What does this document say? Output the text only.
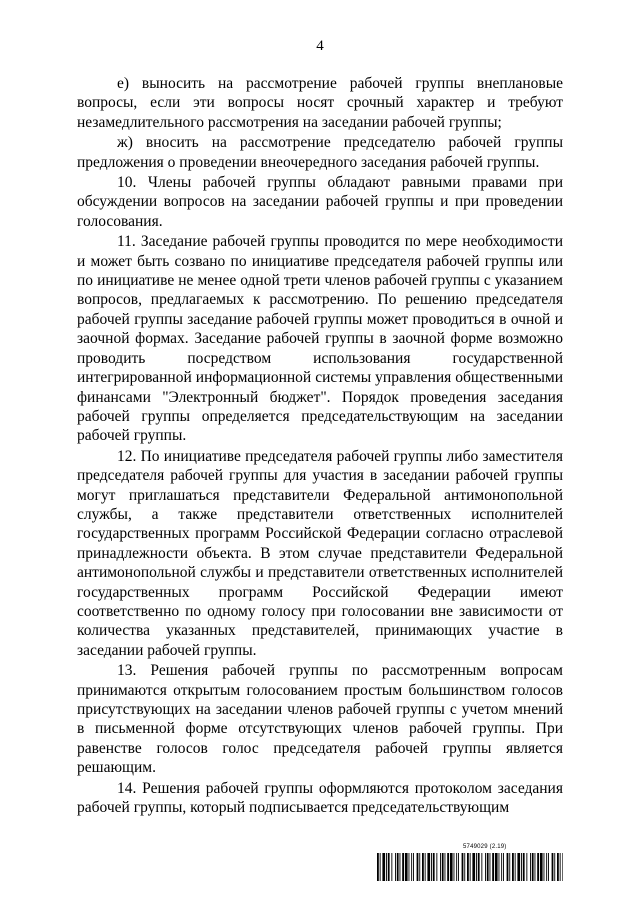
4

е) выносить на рассмотрение рабочей группы внеплановые вопросы, если эти вопросы носят срочный характер и требуют незамедлительного рассмотрения на заседании рабочей группы;

ж) вносить на рассмотрение председателю рабочей группы предложения о проведении внеочередного заседания рабочей группы.

10. Члены рабочей группы обладают равными правами при обсуждении вопросов на заседании рабочей группы и при проведении голосования.

11. Заседание рабочей группы проводится по мере необходимости и может быть созвано по инициативе председателя рабочей группы или по инициативе не менее одной трети членов рабочей группы с указанием вопросов, предлагаемых к рассмотрению. По решению председателя рабочей группы заседание рабочей группы может проводиться в очной и заочной формах. Заседание рабочей группы в заочной форме возможно проводить посредством использования государственной интегрированной информационной системы управления общественными финансами "Электронный бюджет". Порядок проведения заседания рабочей группы определяется председательствующим на заседании рабочей группы.

12. По инициативе председателя рабочей группы либо заместителя председателя рабочей группы для участия в заседании рабочей группы могут приглашаться представители Федеральной антимонопольной службы, а также представители ответственных исполнителей государственных программ Российской Федерации согласно отраслевой принадлежности объекта. В этом случае представители Федеральной антимонопольной службы и представители ответственных исполнителей государственных программ Российской Федерации имеют соответственно по одному голосу при голосовании вне зависимости от количества указанных представителей, принимающих участие в заседании рабочей группы.

13. Решения рабочей группы по рассмотренным вопросам принимаются открытым голосованием простым большинством голосов присутствующих на заседании членов рабочей группы с учетом мнений в письменной форме отсутствующих членов рабочей группы. При равенстве голосов голос председателя рабочей группы является решающим.

14. Решения рабочей группы оформляются протоколом заседания рабочей группы, который подписывается председательствующим

5749029 (2.19)
